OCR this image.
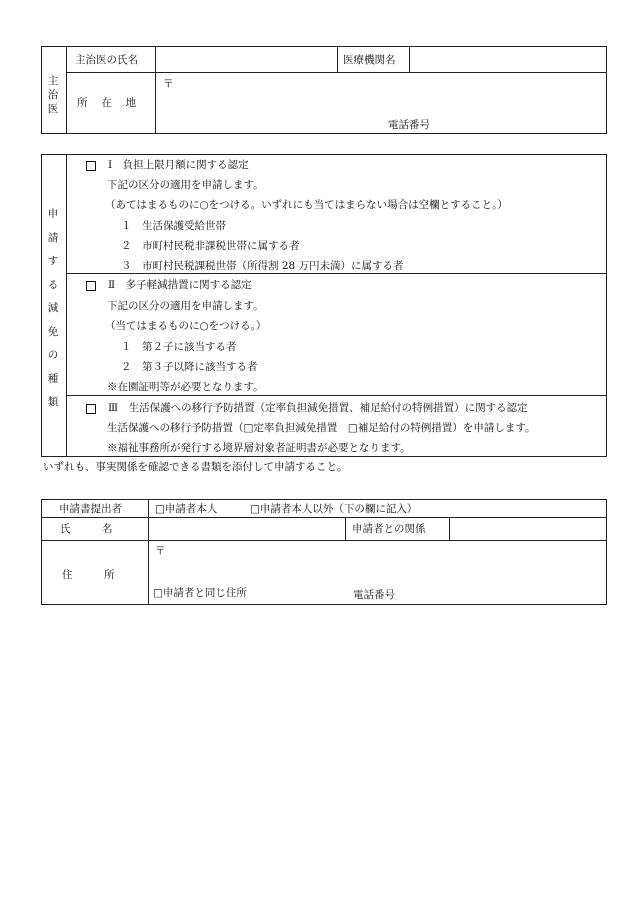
主
治
医
主治医の氏名	医療機関名
所　 在　 地
〒
電話番号
申
請
す
る
減
免
の
種
類
Ⅰ　負担上限月額に関する認定
下記の区分の適用を申請します。
（あてはまるものに○をつける。いずれにも当てはまらない場合は空欄とすること。）
１　生活保護受給世帯
２　市町村民税非課税世帯に属する者
３　市町村民税課税世帯（所得割 28 万円未満）に属する者
Ⅱ　多子軽減措置に関する認定
下記の区分の適用を申請します。
（当てはまるものに○をつける。）
１　第２子に該当する者
２　第３子以降に該当する者
※在園証明等が必要となります。
Ⅲ　生活保護への移行予防措置（定率負担減免措置、補足給付の特例措置）に関する認定
生活保護への移行予防措置（□定率負担減免措置　□補足給付の特例措置）を申請します。
※福祉事務所が発行する境界層対象者証明書が必要となります。
いずれも、事実関係を確認できる書類を添付して申請すること。
申請書提出者	□申請者本人	□申請者本人以外（下の欄に記入）
氏　　　名	申請者との関係
住　　　所
〒
□申請者と同じ住所	電話番号
